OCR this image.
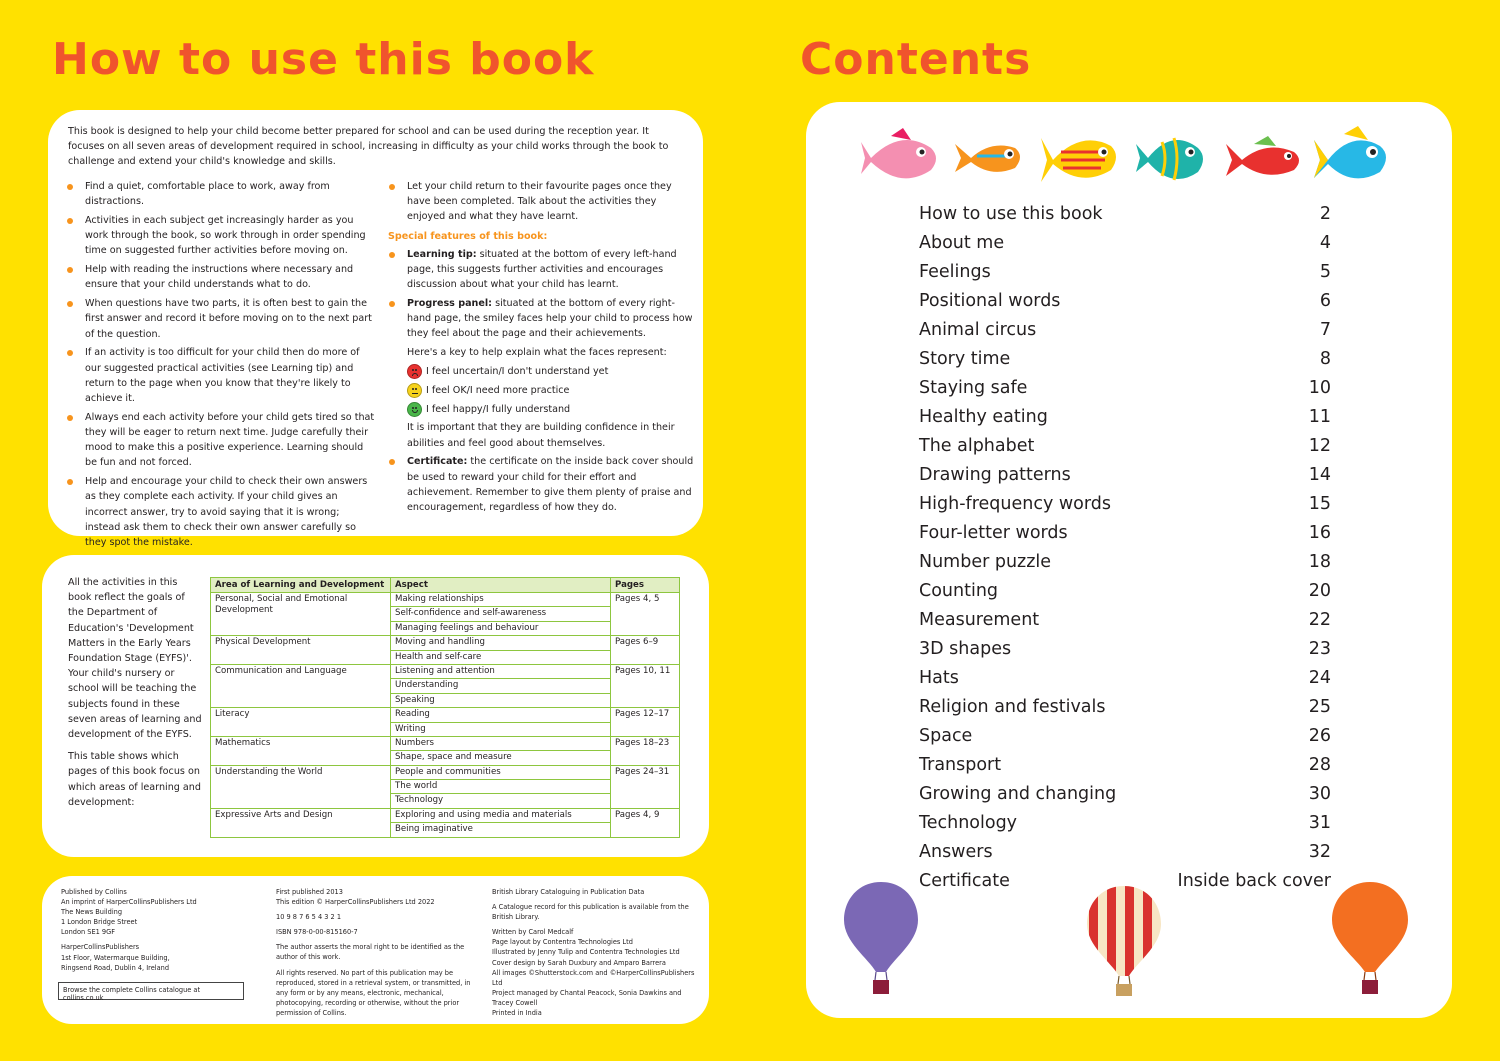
How to use this book	Contents
This book is designed to help your child become better prepared for school and can be used during the reception year. It focuses on all seven areas of development required in school, increasing in difficulty as your child works through the book to challenge and extend your child's knowledge and skills.
Find a quiet, comfortable place to work, away from distractions.
Activities in each subject get increasingly harder as you work through the book, so work through in order spending time on suggested further activities before moving on.
Help with reading the instructions where necessary and ensure that your child understands what to do.
When questions have two parts, it is often best to gain the first answer and record it before moving on to the next part of the question.
If an activity is too difficult for your child then do more of our suggested practical activities (see Learning tip) and return to the page when you know that they're likely to achieve it.
Always end each activity before your child gets tired so that they will be eager to return next time. Judge carefully their mood to make this a positive experience. Learning should be fun and not forced.
Help and encourage your child to check their own answers as they complete each activity. If your child gives an incorrect answer, try to avoid saying that it is wrong; instead ask them to check their own answer carefully so they spot the mistake.
Let your child return to their favourite pages once they have been completed. Talk about the activities they enjoyed and what they have learnt.
Special features of this book:
Learning tip: situated at the bottom of every left-hand page, this suggests further activities and encourages discussion about what your child has learnt.
Progress panel: situated at the bottom of every right-hand page, the smiley faces help your child to process how they feel about the page and their achievements.
Here's a key to help explain what the faces represent:
I feel uncertain/I don't understand yet
I feel OK/I need more practice
I feel happy/I fully understand
It is important that they are building confidence in their abilities and feel good about themselves.
Certificate: the certificate on the inside back cover should be used to reward your child for their effort and achievement. Remember to give them plenty of praise and encouragement, regardless of how they do.

All the activities in this book reflect the goals of the Department of Education's 'Development Matters in the Early Years Foundation Stage (EYFS)'. Your child's nursery or school will be teaching the subjects found in these seven areas of learning and development of the EYFS.

This table shows which pages of this book focus on which areas of learning and development:

Area of Learning and Development	Aspect	Pages
Personal, Social and Emotional Development	Making relationships	Pages 4, 5
	Self-confidence and self-awareness	
	Managing feelings and behaviour	
Physical Development	Moving and handling	Pages 6–9
	Health and self-care	
Communication and Language	Listening and attention	Pages 10, 11
	Understanding	
	Speaking	
Literacy	Reading	Pages 12–17
	Writing	
Mathematics	Numbers	Pages 18–23
	Shape, space and measure	
Understanding the World	People and communities	Pages 24–31
	The world	
	Technology	
Expressive Arts and Design	Exploring and using media and materials	Pages 4, 9
	Being imaginative	

Published by Collins
An imprint of HarperCollinsPublishers Ltd
The News Building
1 London Bridge Street
London SE1 9GF

HarperCollinsPublishers
1st Floor, Watermarque Building,
Ringsend Road, Dublin 4, Ireland

Browse the complete Collins catalogue at collins.co.uk

First published 2013
This edition © HarperCollinsPublishers Ltd 2022

10 9 8 7 6 5 4 3 2 1

ISBN 978-0-00-815160-7

The author asserts the moral right to be identified as the author of this work.

All rights reserved. No part of this publication may be reproduced, stored in a retrieval system, or transmitted, in any form or by any means, electronic, mechanical, photocopying, recording or otherwise, without the prior permission of Collins.

British Library Cataloguing in Publication Data

A Catalogue record for this publication is available from the British Library.

Written by Carol Medcalf
Page layout by Contentra Technologies Ltd
Illustrated by Jenny Tulip and Contentra Technologies Ltd
Cover design by Sarah Duxbury and Amparo Barrera
All images ©Shutterstock.com and ©HarperCollinsPublishers Ltd
Project managed by Chantal Peacock, Sonia Dawkins and Tracey Cowell
Printed in India

How to use this book	2
About me	4
Feelings	5
Positional words	6
Animal circus	7
Story time	8
Staying safe	10
Healthy eating	11
The alphabet	12
Drawing patterns	14
High-frequency words	15
Four-letter words	16
Number puzzle	18
Counting	20
Measurement	22
3D shapes	23
Hats	24
Religion and festivals	25
Space	26
Transport	28
Growing and changing	30
Technology	31
Answers	32
Certificate	Inside back cover
